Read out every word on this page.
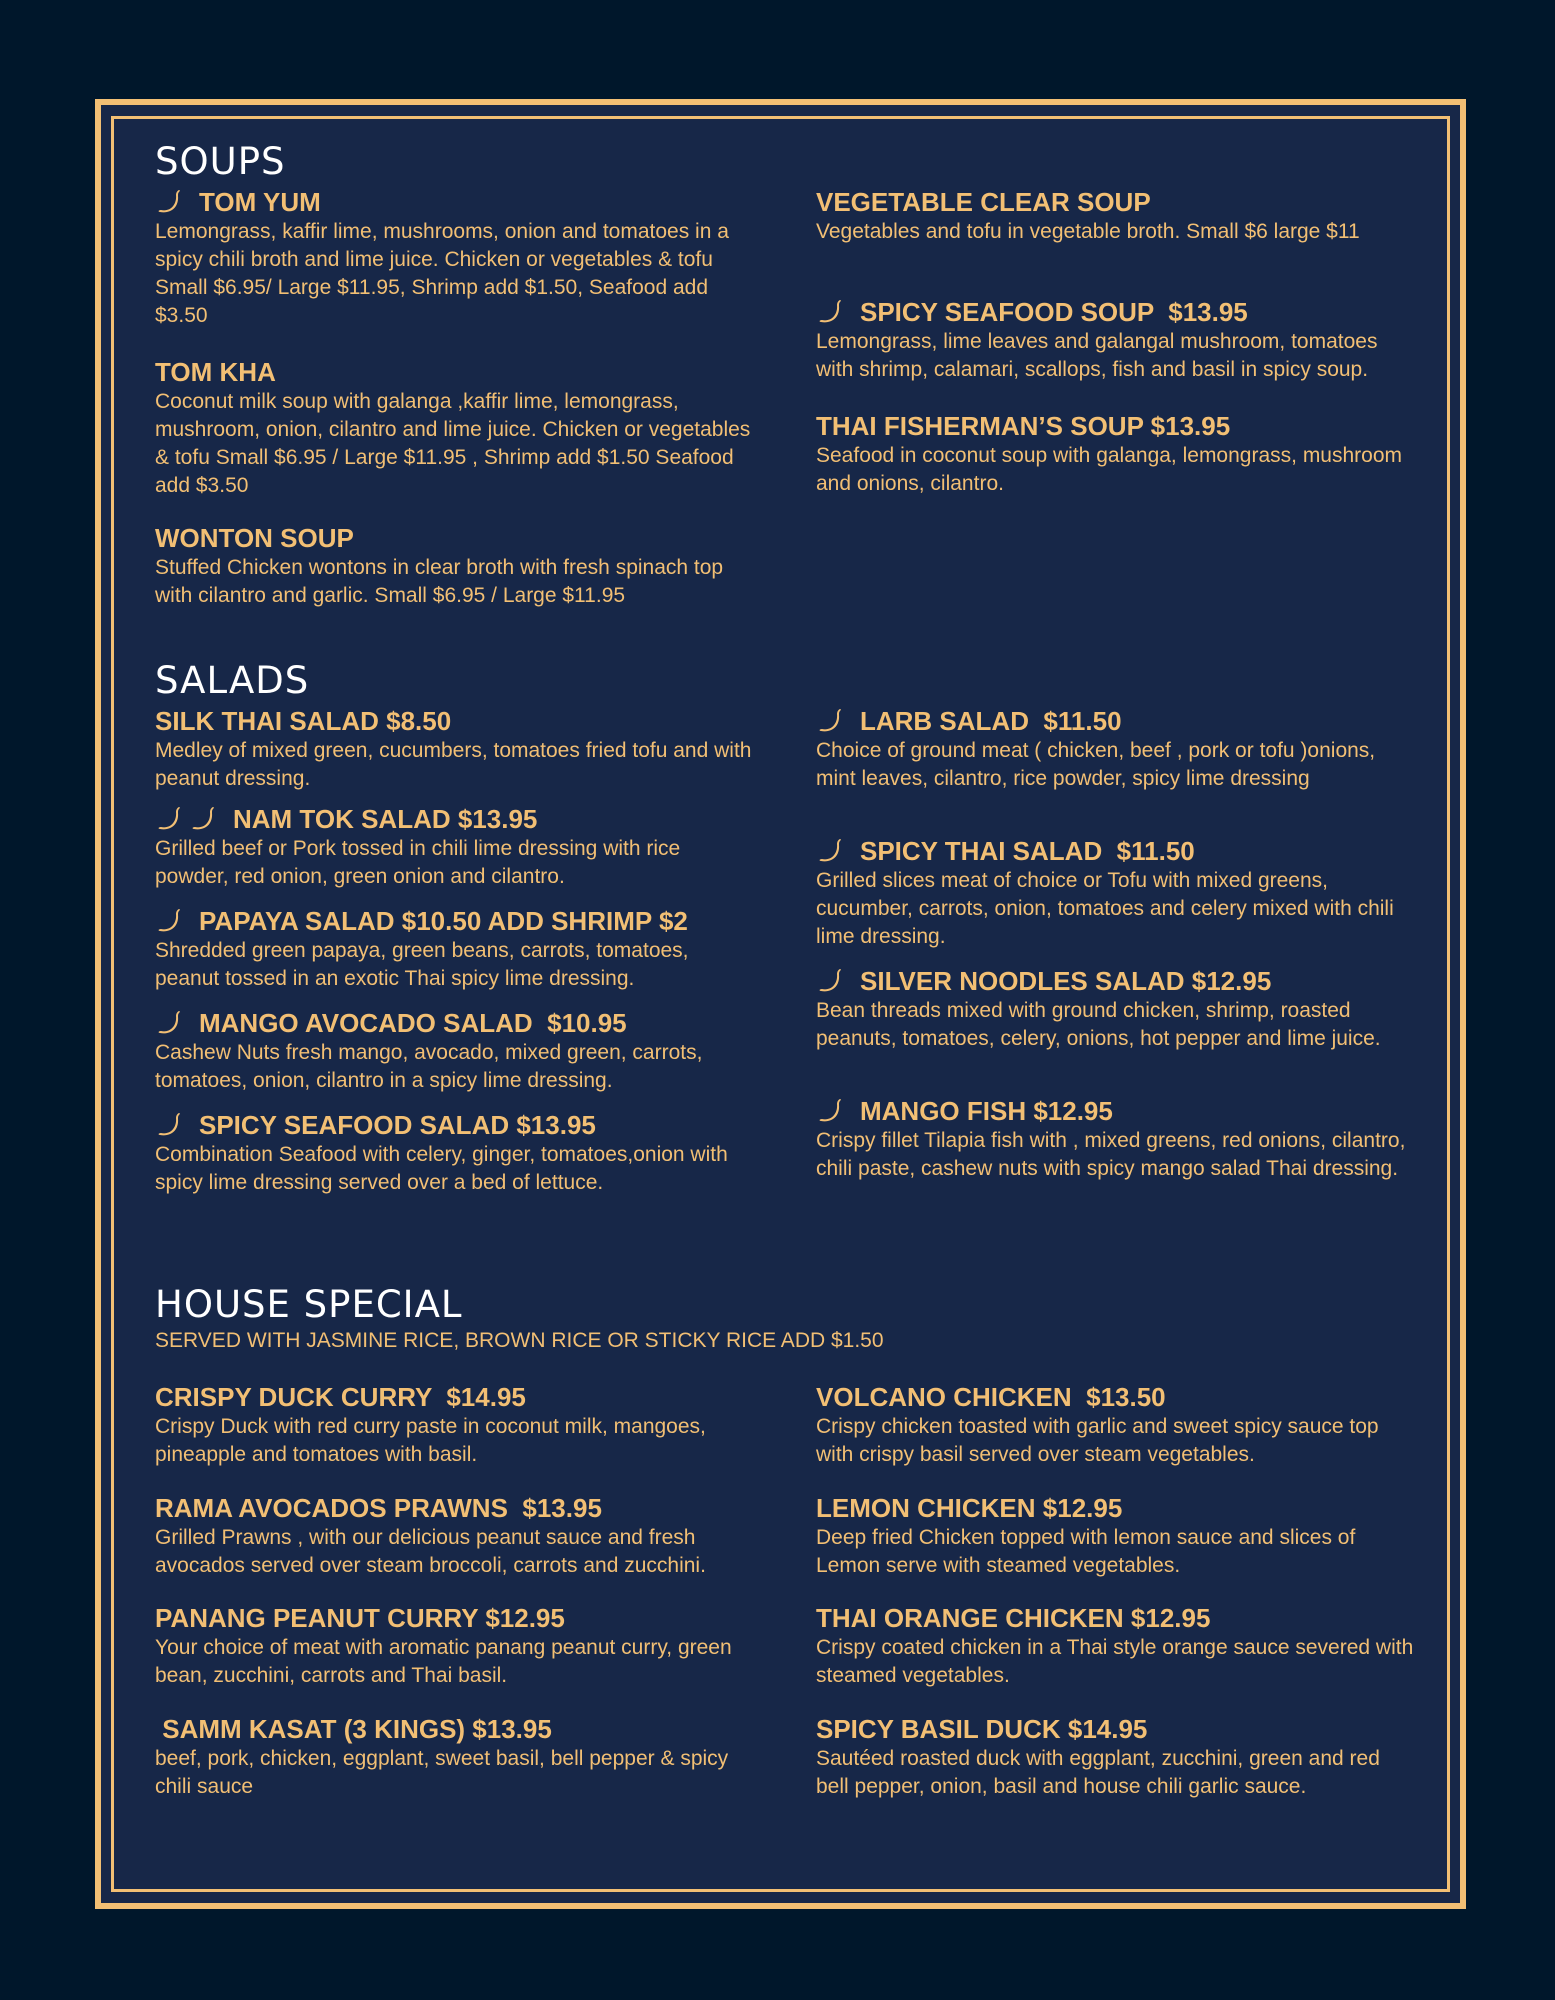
SOUPS
TOM YUM
Lemongrass, kaffir lime, mushrooms, onion and tomatoes in a spicy chili broth and lime juice. Chicken or vegetables & tofu Small $6.95/ Large $11.95, Shrimp add $1.50, Seafood add $3.50
TOM KHA
Coconut milk soup with galanga ,kaffir lime, lemongrass, mushroom, onion, cilantro and lime juice. Chicken or vegetables & tofu Small $6.95 / Large $11.95 , Shrimp add $1.50 Seafood add $3.50
WONTON SOUP
Stuffed Chicken wontons in clear broth with fresh spinach top with cilantro and garlic. Small $6.95 / Large $11.95
VEGETABLE CLEAR SOUP
Vegetables and tofu in vegetable broth. Small $6 large $11
SPICY SEAFOOD SOUP  $13.95
Lemongrass, lime leaves and galangal mushroom, tomatoes with shrimp, calamari, scallops, fish and basil in spicy soup.
THAI FISHERMAN’S SOUP $13.95
Seafood in coconut soup with galanga, lemongrass, mushroom and onions, cilantro.
SALADS
SILK THAI SALAD $8.50
Medley of mixed green, cucumbers, tomatoes fried tofu and with peanut dressing.
NAM TOK SALAD $13.95
Grilled beef or Pork tossed in chili lime dressing with rice powder, red onion, green onion and cilantro.
PAPAYA SALAD $10.50 ADD SHRIMP $2
Shredded green papaya, green beans, carrots, tomatoes, peanut tossed in an exotic Thai spicy lime dressing.
MANGO AVOCADO SALAD  $10.95
Cashew Nuts fresh mango, avocado, mixed green, carrots, tomatoes, onion, cilantro in a spicy lime dressing.
SPICY SEAFOOD SALAD $13.95
Combination Seafood with celery, ginger, tomatoes,onion with spicy lime dressing served over a bed of lettuce.
LARB SALAD  $11.50
Choice of ground meat ( chicken, beef , pork or tofu )onions, mint leaves, cilantro, rice powder, spicy lime dressing
SPICY THAI SALAD  $11.50
Grilled slices meat of choice or Tofu with mixed greens, cucumber, carrots, onion, tomatoes and celery mixed with chili lime dressing.
SILVER NOODLES SALAD $12.95
Bean threads mixed with ground chicken, shrimp, roasted peanuts, tomatoes, celery, onions, hot pepper and lime juice.
MANGO FISH $12.95
Crispy fillet Tilapia fish with , mixed greens, red onions, cilantro, chili paste, cashew nuts with spicy mango salad Thai dressing.
HOUSE SPECIAL
SERVED WITH JASMINE RICE, BROWN RICE OR STICKY RICE ADD $1.50
CRISPY DUCK CURRY  $14.95
Crispy Duck with red curry paste in coconut milk, mangoes, pineapple and tomatoes with basil.
RAMA AVOCADOS PRAWNS  $13.95
Grilled Prawns , with our delicious peanut sauce and fresh avocados served over steam broccoli, carrots and zucchini.
PANANG PEANUT CURRY $12.95
Your choice of meat with aromatic panang peanut curry, green bean, zucchini, carrots and Thai basil.
SAMM KASAT (3 KINGS) $13.95
beef, pork, chicken, eggplant, sweet basil, bell pepper & spicy chili sauce
VOLCANO CHICKEN  $13.50
Crispy chicken toasted with garlic and sweet spicy sauce top with crispy basil served over steam vegetables.
LEMON CHICKEN $12.95
Deep fried Chicken topped with lemon sauce and slices of Lemon serve with steamed vegetables.
THAI ORANGE CHICKEN $12.95
Crispy coated chicken in a Thai style orange sauce severed with steamed vegetables.
SPICY BASIL DUCK $14.95
Sautéed roasted duck with eggplant, zucchini, green and red bell pepper, onion, basil and house chili garlic sauce.
